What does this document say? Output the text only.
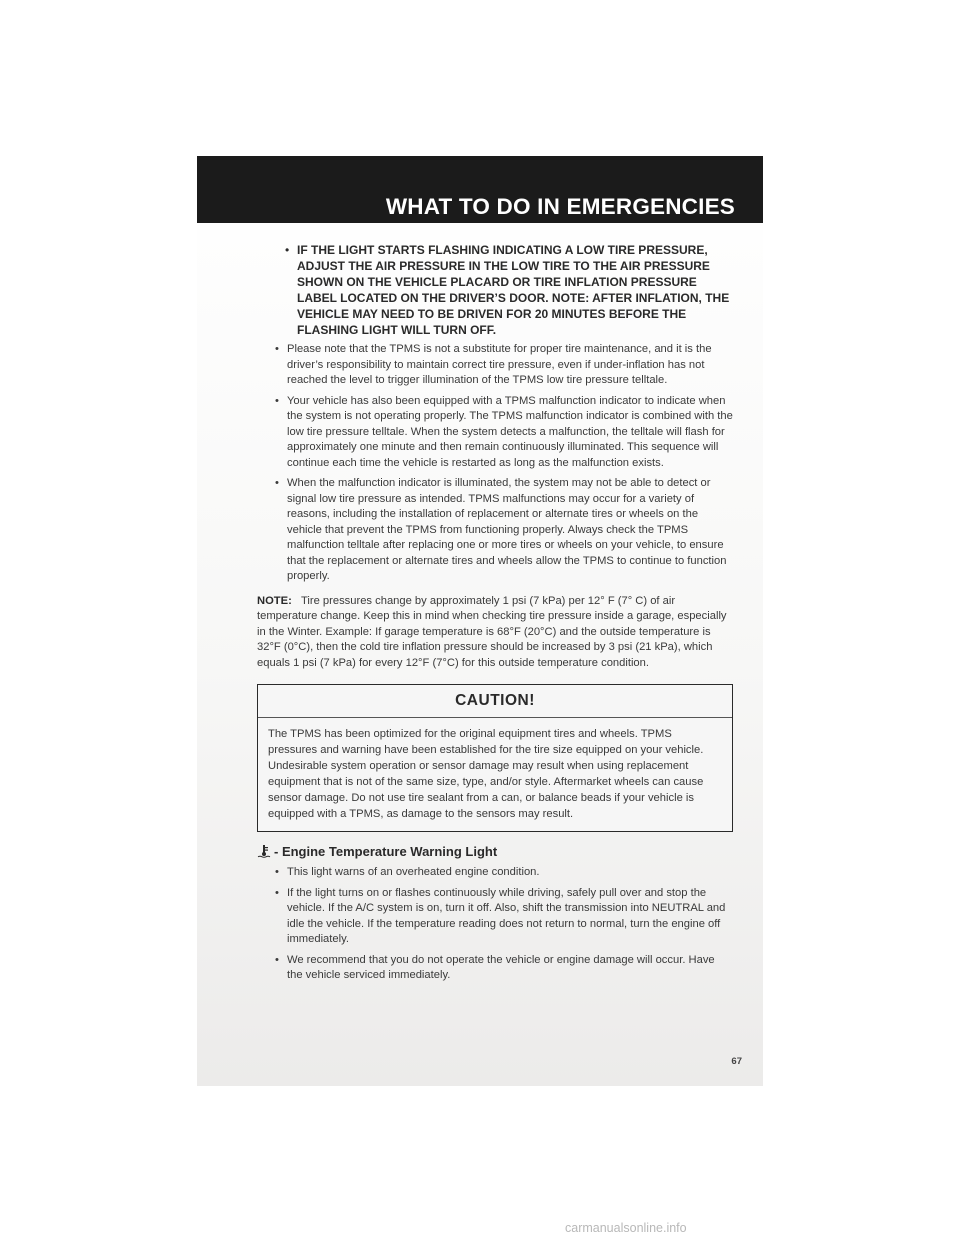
WHAT TO DO IN EMERGENCIES
• IF THE LIGHT STARTS FLASHING INDICATING A LOW TIRE PRESSURE, ADJUST THE AIR PRESSURE IN THE LOW TIRE TO THE AIR PRESSURE SHOWN ON THE VEHICLE PLACARD OR TIRE INFLATION PRESSURE LABEL LOCATED ON THE DRIVER’S DOOR. NOTE: AFTER INFLATION, THE VEHICLE MAY NEED TO BE DRIVEN FOR 20 MINUTES BEFORE THE FLASHING LIGHT WILL TURN OFF.
• Please note that the TPMS is not a substitute for proper tire maintenance, and it is the driver’s responsibility to maintain correct tire pressure, even if under-inflation has not reached the level to trigger illumination of the TPMS low tire pressure telltale.
• Your vehicle has also been equipped with a TPMS malfunction indicator to indicate when the system is not operating properly. The TPMS malfunction indicator is combined with the low tire pressure telltale. When the system detects a malfunction, the telltale will flash for approximately one minute and then remain continuously illuminated. This sequence will continue each time the vehicle is restarted as long as the malfunction exists.
• When the malfunction indicator is illuminated, the system may not be able to detect or signal low tire pressure as intended. TPMS malfunctions may occur for a variety of reasons, including the installation of replacement or alternate tires or wheels on the vehicle that prevent the TPMS from functioning properly. Always check the TPMS malfunction telltale after replacing one or more tires or wheels on your vehicle, to ensure that the replacement or alternate tires and wheels allow the TPMS to continue to function properly.
NOTE: Tire pressures change by approximately 1 psi (7 kPa) per 12° F (7° C) of air temperature change. Keep this in mind when checking tire pressure inside a garage, especially in the Winter. Example: If garage temperature is 68°F (20°C) and the outside temperature is 32°F (0°C), then the cold tire inflation pressure should be increased by 3 psi (21 kPa), which equals 1 psi (7 kPa) for every 12°F (7°C) for this outside temperature condition.
CAUTION!
The TPMS has been optimized for the original equipment tires and wheels. TPMS pressures and warning have been established for the tire size equipped on your vehicle. Undesirable system operation or sensor damage may result when using replacement equipment that is not of the same size, type, and/or style. Aftermarket wheels can cause sensor damage. Do not use tire sealant from a can, or balance beads if your vehicle is equipped with a TPMS, as damage to the sensors may result.
- Engine Temperature Warning Light
• This light warns of an overheated engine condition.
• If the light turns on or flashes continuously while driving, safely pull over and stop the vehicle. If the A/C system is on, turn it off. Also, shift the transmission into NEUTRAL and idle the vehicle. If the temperature reading does not return to normal, turn the engine off immediately.
• We recommend that you do not operate the vehicle or engine damage will occur. Have the vehicle serviced immediately.
67
carmanualsonline.info
